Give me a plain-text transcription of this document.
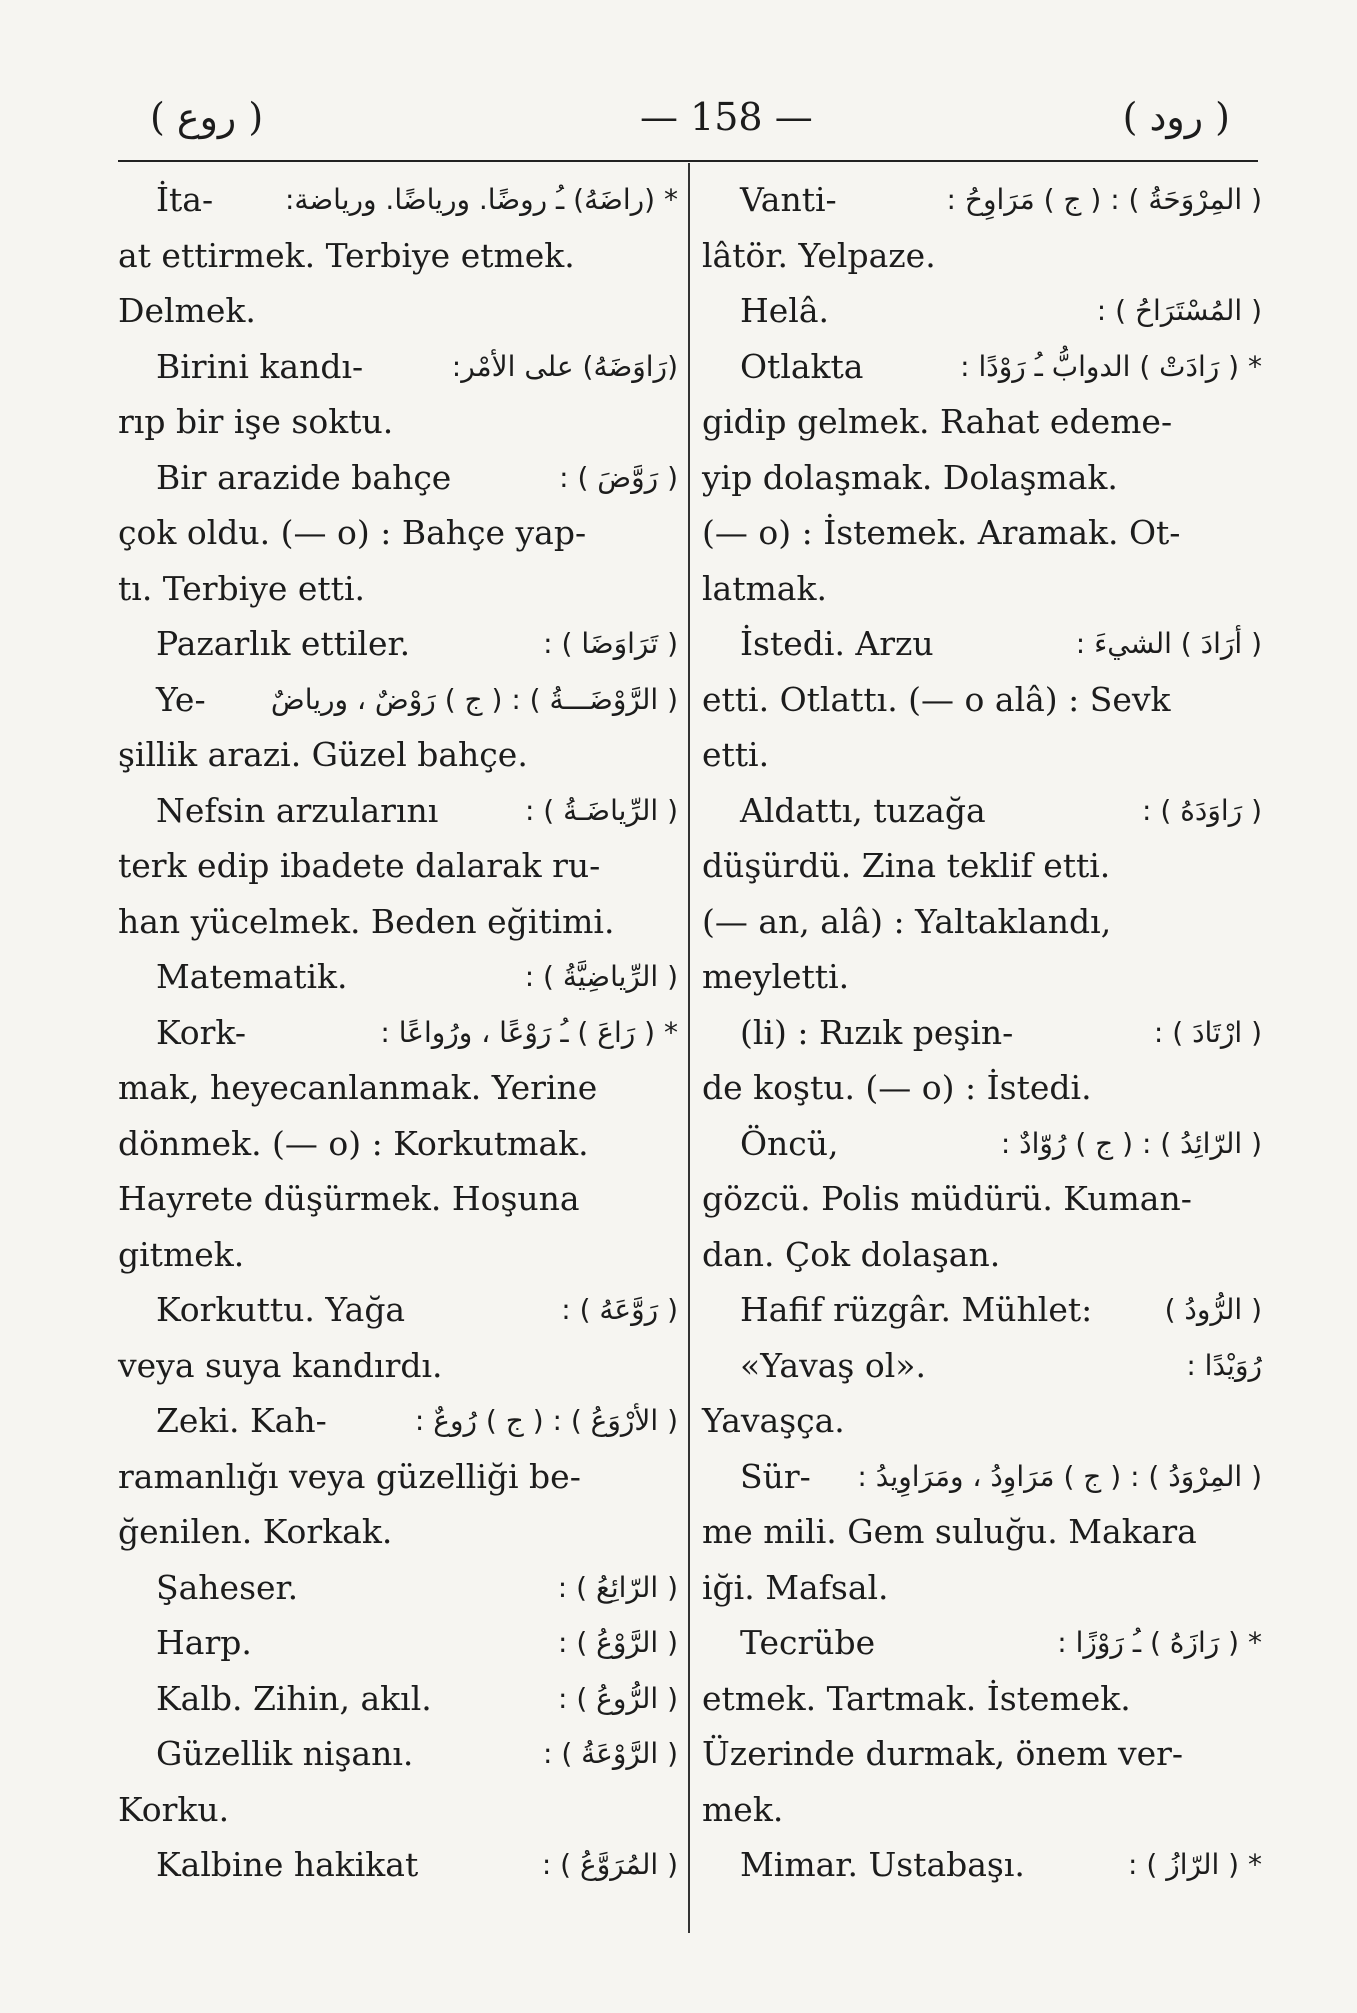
( روع )	— 158 —	( رود )
İta-	* (راضَهُ) ـُ روضًا. ورياضًا. ورياضة:
at ettirmek. Terbiye etmek.
Delmek.
Birini kandı-	(رَاوَضَهُ) على الأمْر:
rıp bir işe soktu.
Bir arazide bahçe	( رَوَّضَ ) :
çok oldu. (— o) : Bahçe yap-
tı. Terbiye etti.
Pazarlık ettiler.	( تَرَاوَضَا ) :
Ye- ( الرَّوْضَـــةُ ) : ( ج ) رَوْضٌ ، ورياضٌ
şillik arazi. Güzel bahçe.
Nefsin arzularını	( الرِّياضَـةُ ) :
terk edip ibadete dalarak ru-
han yücelmek. Beden eğitimi.
Matematik.	( الرِّياضِيَّةُ ) :
Kork-	* ( رَاعَ ) ـُ رَوْعًا ، ورُواعًا :
mak, heyecanlanmak. Yerine
dönmek. (— o) : Korkutmak.
Hayrete düşürmek. Hoşuna
gitmek.
Korkuttu. Yağa	( رَوَّعَهُ ) :
veya suya kandırdı.
Zeki. Kah-	( الأرْوَعُ ) : ( ج ) رُوعٌ :
ramanlığı veya güzelliği be-
ğenilen. Korkak.
Şaheser.	( الرّائِعُ ) :
Harp.	( الرَّوْعُ ) :
Kalb. Zihin, akıl.	( الرُّوعُ ) :
Güzellik nişanı.	( الرَّوْعَةُ ) :
Korku.
Kalbine hakikat	( المُرَوَّعُ ) :
Vanti-	( المِرْوَحَةُ ) : ( ج ) مَرَاوِحُ :
lâtör. Yelpaze.
Helâ.	( المُسْتَرَاحُ ) :
Otlakta	* ( رَادَتْ ) الدوابُّ ـُ رَوْدًا :
gidip gelmek. Rahat edeme-
yip dolaşmak. Dolaşmak.
(— o) : İstemek. Aramak. Ot-
latmak.
İstedi. Arzu	( أرَادَ ) الشيءَ :
etti. Otlattı. (— o alâ) : Sevk
etti.
Aldattı, tuzağa	( رَاوَدَهُ ) :
düşürdü. Zina teklif etti.
(— an, alâ) : Yaltaklandı,
meyletti.
(li) : Rızık peşin-	( ارْتَادَ ) :
de koştu. (— o) : İstedi.
Öncü,	( الرّائِدُ ) : ( ج ) رُوّادٌ :
gözcü. Polis müdürü. Kuman-
dan. Çok dolaşan.
Hafif rüzgâr. Mühlet:	( الرُّودُ )
«Yavaş ol».	رُوَيْدًا :
Yavaşça.
Sür- ( المِرْوَدُ ) : ( ج ) مَرَاوِدُ ، ومَرَاوِيدُ :
me mili. Gem suluğu. Makara
iği. Mafsal.
Tecrübe	* ( رَازَهُ ) ـُ رَوْزًا :
etmek. Tartmak. İstemek.
Üzerinde durmak, önem ver-
mek.
Mimar. Ustabaşı.	* ( الرّازُ ) :
